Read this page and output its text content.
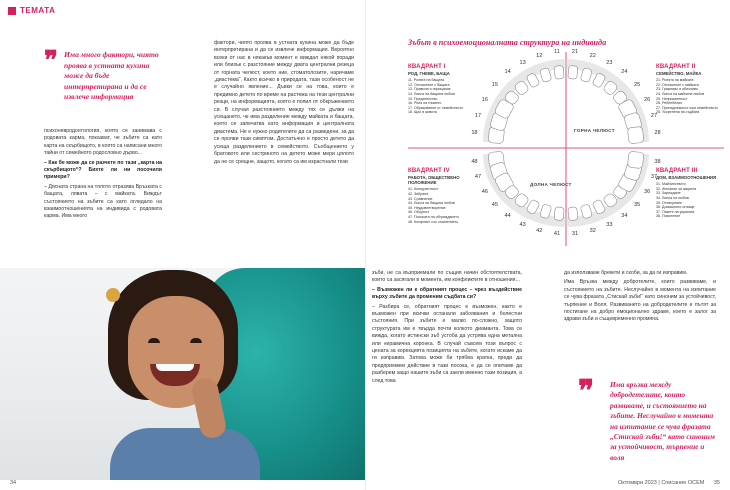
ТЕМАТА
❞ Има много фактори, чиято проява в устната кухина може да бъде интерпретирана и да се извлече информация

психоневродонтология, която се занимава с родовата карма, показват, че зъбите са като карта на скърбищото, в която са написани много тайни от семейното родословно дърво...

– Как бе може да се разчете по тази „карта на скърбищото“? Бихте ли ни посочили примери?

– Дясната страна на тялото отразява Връзката с бащата, лявата – с майката. Виждът състоянието на зъбите са като огледало на взаимоотношенията на индивида с родовата карма. Има много

фактори, чиято проява в устната кухина може да бъде интерпретирана и да се извлече информация. Вероятно всеки от нас в някакъв момент е виждал някой поради или близък с разстояние между двата централни резеца от горната челюст, което ние, стоматолозите, наричаме „диастема“. Както всичко в природата, тази особеност не е случайно явление... Дъвки се на това, които е предимно детето по време на растежа на тези централни резци, на информацията, която е попил от обкръжението си. В случая разстоянието между тях се дължи на усещането, че има разделение между майката и бащата, което се запечатва като информация в централната диастема. Не е нужно родителите да са разведени, за да се прояви тази симптом. Достатъчно е просто детето да усеща разделението в семейството. Съобщението у братовото или сестриното на детето може мери цялото да не се срещне, защото, когато са им израстнали тези

34
Зъбът в психоемоционалната структура на индивида
КВАДРАНТ I
РОД, ГНЕВЕ, БАЩА
11. Ролята на бащата
12. Отношение с бащата
13. Правила и порицание
14. Липса на бащина любов
15. Предателство
16. Роля на гнимето
17. Образование от семейството
18. Щах в живота
КВАДРАНТ II
СЕМЕЙСТВО, МАЙКА
21. Ролята на майката
22. Отношение с майката
23. Грижливо и обичливо
24. Липса на майчина любов
25. Неприязненост
26. Ребенбелие
27. Принадлежност към семейството
28. Укоренена на съдбата
КВАДРАНТ IV
РАБОТА, ОБЩЕСТВЕНО ПОЛОЖЕНИЕ
41. Конкурентност
42. Забрана
43. Сравнение
44. Липса на бащина любов
45. Неудовлетворение
46. Общност
47. Посоката на обграждането
48. Конфликт със съмнението
КВАДРАНТ III
ДОМ, ВЗАИМООТНОШЕНИЯ
31. Майчинството
32. Желание за закрила
33. Зареждане
34. Липса на любов
35. Отхвърляне
36. Домашното огнище
37. Пазете на украсата
38. Поколение
ГОРНА ЧЕЛЮСТ
ДОЛНА ЧЕЛЮСТ
18
17
16
15
14
13
12
11 21
22
23
24
25
26
27
28
48
47
46
45
44
43
42
41 31
32
33
34
35
36
37
38

зъби, не са възприемали по същия начин обстоятелствата, които са засягали в момента, им конфликтите в отношения...

– Възможен ли е обратният процес – чрез въздействие върху зъбите да променим съдбата си?

– Разбира се, обратният процес е възможен, както е възможен при всички останали забоявания и болестни състояния. При зъбите е малко по-сложно, защото структурата им е твърда почти колкото диаманта. Това се вижда, когато истински зъб устоба да устрява една метална или керамична коронка. В случай съвсем този въпрос с цената за корекцията позицията на зъбите, когато искаме да ги изправим. Затова може би трябва кратка, преди да предприемем действие в тази посока, е да се опитаме да разберем защо нашите зъби са заели именно тази позиция, а след това

да използваме брекети и скоби, за да ги изправим.

Има Връзка между добротелите, които развиваме, и състоянието на зъбите. Неслучайно в момента на изпитание се чува фразата „Стискай зъби!“ като синоним за устойчивост, търпение и Воля. Развиването на добродетелите е пътят за постигане на добро емоционално здраве, което е залог за здрави зъби и същевременно промяна.

❞ Има връзка между добродетелите, които развиваме, и състоянието на зъбите. Неслучайно в момента на изпитание се чува фразата „Стискай зъби!“ като синоним за устойчивост, търпение и воля
Октомври 2023 | Списание ОСЕМ 35
